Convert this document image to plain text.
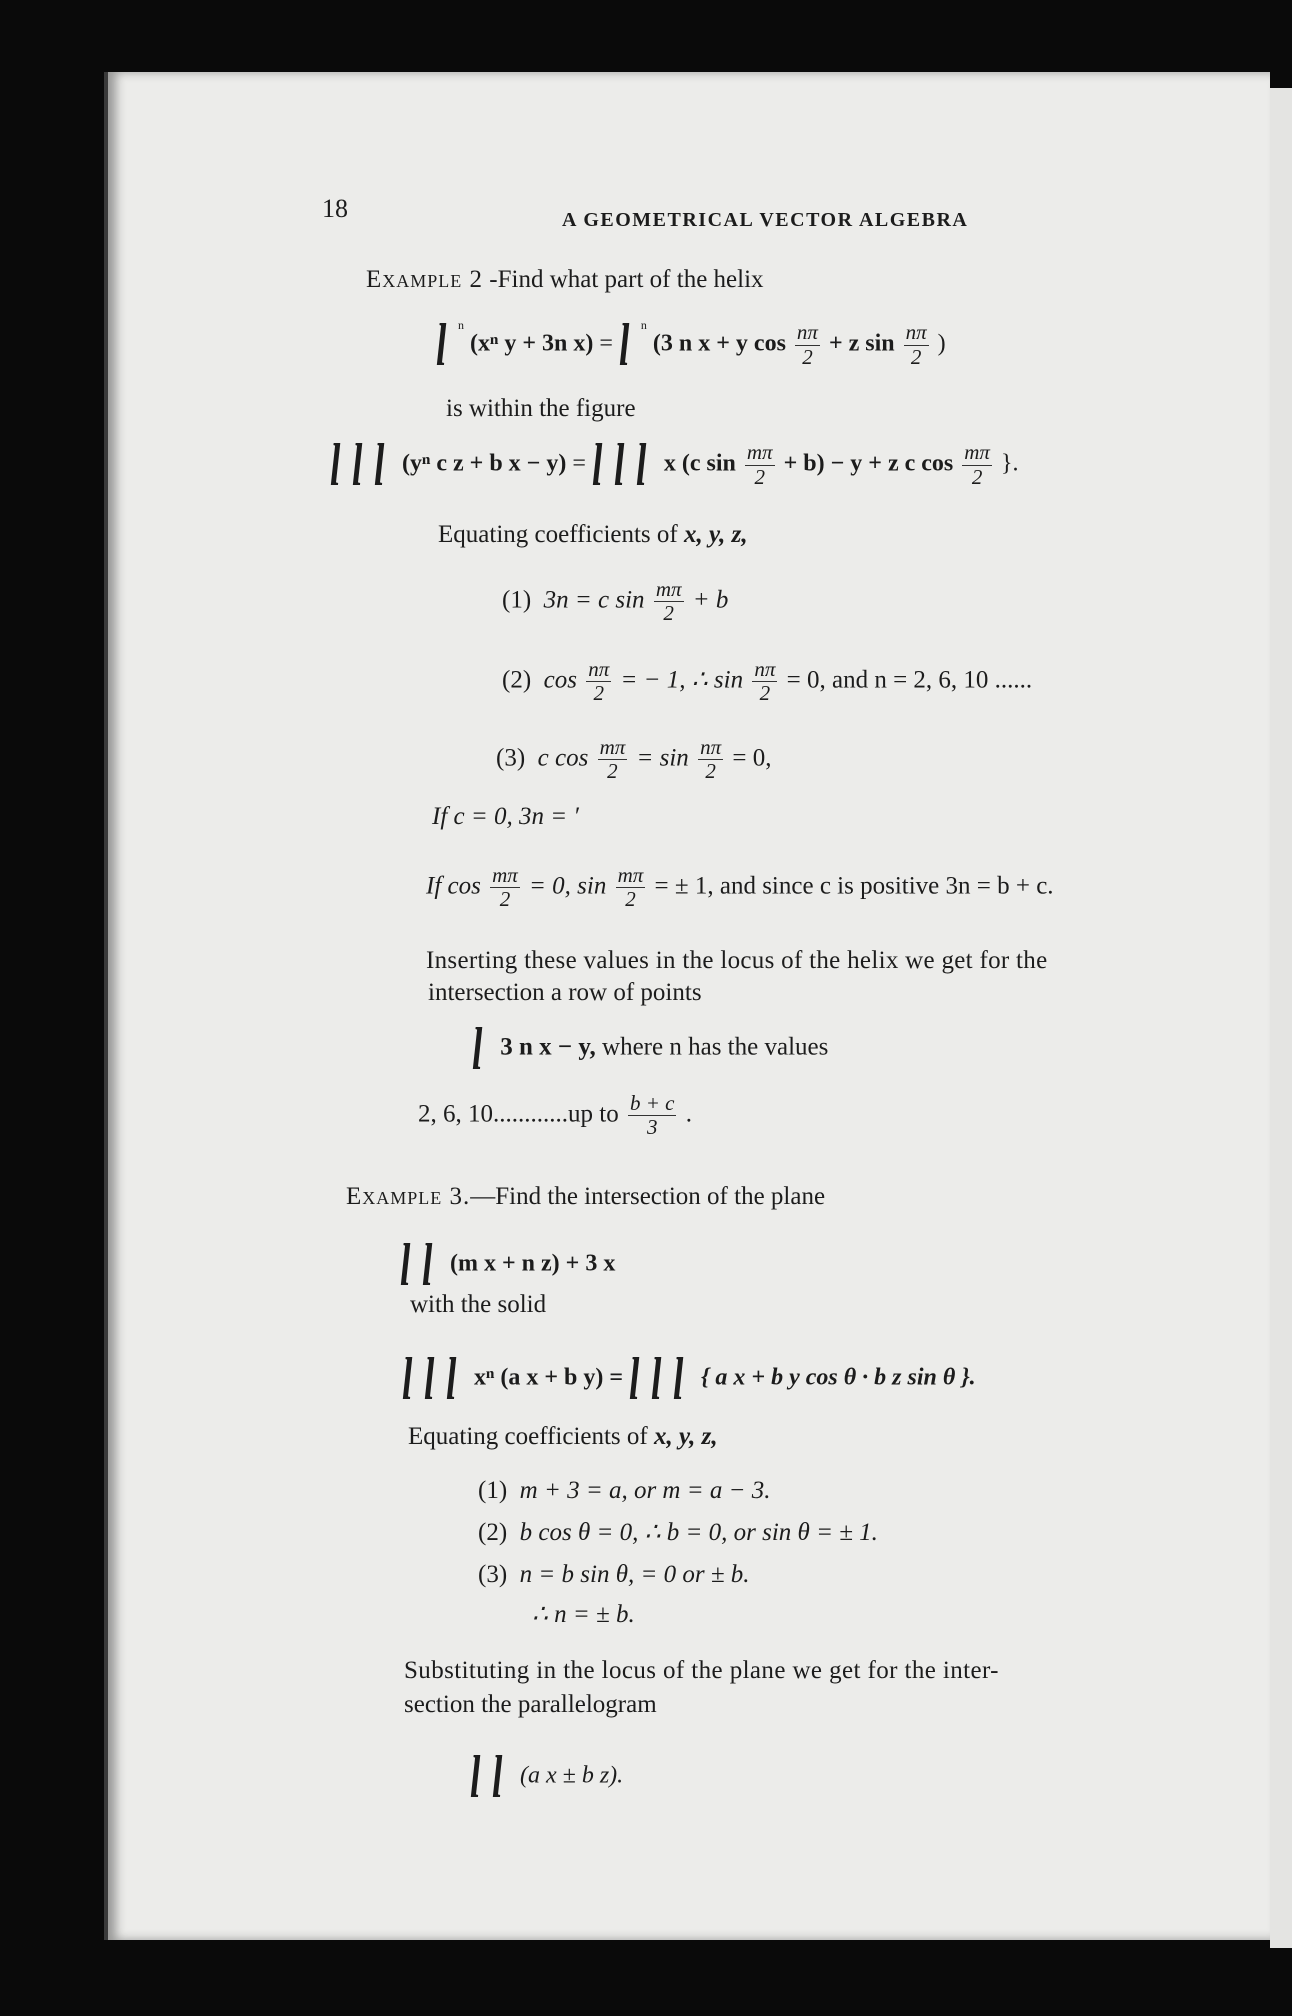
18	A GEOMETRICAL VECTOR ALGEBRA
Example 2 -Find what part of the helix
l $^n$ (xⁿ y + 3n x) = l $^n$ (3 n x + y $\cos \frac{n\pi}{2} + z$ $\sin \frac{n\pi}{2}$ )
is within the figure
l l l (yⁿ c z + b x − y) = l l l x (c $\sin \frac{m\pi}{2} + b) - y + z$ c $\cos \frac{m\pi}{2}$ }.
Equating coefficients of x, y, z,
(1) 3n = c $\sin \frac{m\pi}{2} + b$
(2) $\cos \frac{n\pi}{2}$ = − 1, ∴ $\sin \frac{n\pi}{2} = 0$, and n = 2, 6, 10 ......
(3) c $\cos \frac{m\pi}{2} = \sin \frac{n\pi}{2} = 0$,
If c = 0, 3n = ′
If $\cos \frac{m\pi}{2} = 0$, $\sin \frac{m\pi}{2}$ = ± 1, and since c is positive 3n = b + c.
Inserting these values in the locus of the helix we get for the
intersection a row of points
l 3 n x − y, where n has the values
2, 6, 10............up to $\frac{b + c}{3}$ .
Example 3.—Find the intersection of the plane
l l (m x + n z) + 3 x
with the solid
l l l xⁿ (a x + b y) = l l l { a x + b y cos θ · b z sin θ }.
Equating coefficients of x, y, z,
(1) m + 3 = a, or m = a − 3.
(2) b cos θ = 0, ∴ b = 0, or sin θ = ± 1.
(3) n = b sin θ, = 0 or ± b.
∴ n = ± b.
Substituting in the locus of the plane we get for the inter-
section the parallelogram
l l (a x ± b z).
